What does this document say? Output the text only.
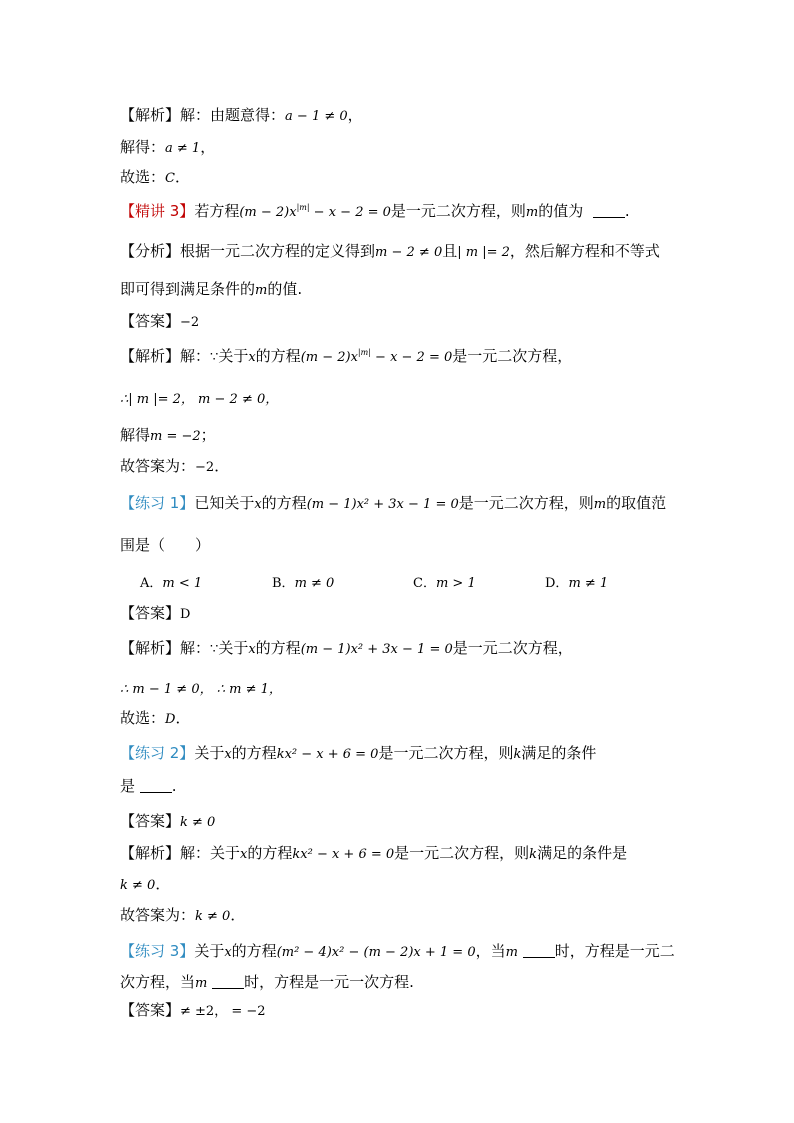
【解析】解：由题意得：a − 1 ≠ 0，
解得：a ≠ 1，
故选：C．
【精讲 3】若方程$(m - 2)x^{|m|} - x - 2 = 0$是一元二次方程，则m的值为	.
【分析】根据一元二次方程的定义得到m − 2 ≠ 0且| m |= 2，然后解方程和不等式
即可得到满足条件的m的值.
【答案】−2
【解析】解：∵关于x的方程$(m - 2)x^{|m|} - x - 2 = 0$是一元二次方程，
∴| m |= 2， m − 2 ≠ 0，
解得m = −2；
故答案为：−2．
【练习 1】已知关于x的方程(m − 1)x² + 3x − 1 = 0是一元二次方程，则m的取值范
围是（　　）
A．m < 1	B．m ≠ 0	C．m > 1	D．m ≠ 1
【答案】D
【解析】解：∵关于x的方程(m − 1)x² + 3x − 1 = 0是一元二次方程，
∴ m − 1 ≠ 0， ∴ m ≠ 1，
故选：D．
【练习 2】关于x的方程kx² − x + 6 = 0是一元二次方程，则k满足的条件
是 .
【答案】k ≠ 0
【解析】解：关于x的方程kx² − x + 6 = 0是一元二次方程，则k满足的条件是
k ≠ 0．
故答案为：k ≠ 0．
【练习 3】关于x的方程(m² − 4)x² − (m − 2)x + 1 = 0，当m 时，方程是一元二
次方程，当m 时，方程是一元一次方程.
【答案】≠ ±2， = −2
